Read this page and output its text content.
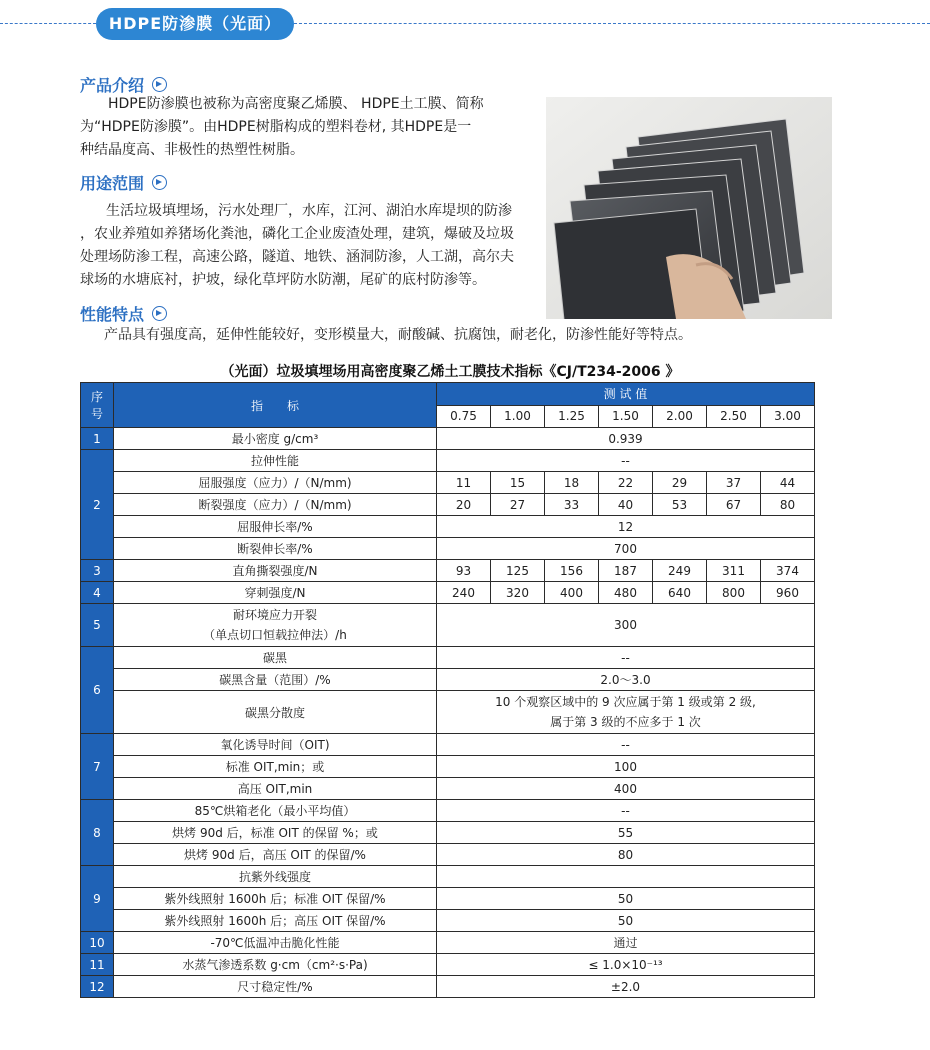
HDPE防渗膜（光面）
产品介绍
HDPE防渗膜也被称为高密度聚乙烯膜、 HDPE土工膜、简称
为“HDPE防渗膜”。由HDPE树脂构成的塑料卷材, 其HDPE是一
种结晶度高、非极性的热塑性树脂。
用途范围
生活垃圾填埋场，污水处理厂，水库，江河、湖泊水库堤坝的防渗
，农业养殖如养猪场化粪池，磷化工企业废渣处理，建筑，爆破及垃圾
处理场防渗工程，高速公路，隧道、地铁、涵洞防渗，人工湖，高尔夫
球场的水塘底衬，护坡，绿化草坪防水防潮，尾矿的底村防渗等。
性能特点
产品具有强度高，延伸性能较好，变形模量大，耐酸碱、抗腐蚀，耐老化，防渗性能好等特点。
（光面）垃圾填埋场用高密度聚乙烯土工膜技术指标《CJ/T234-2006 》
序
号	指　　标	测 试 值						
		0.75	1.00	1.25	1.50	2.00	2.50	3.00
1	最小密度 g/cm³	0.939						
2	拉伸性能	--						
	屈服强度（应力）/（N/mm)	11	15	18	22	29	37	44
	断裂强度（应力）/（N/mm)	20	27	33	40	53	67	80
	屈服伸长率/%	12						
	断裂伸长率/%	700						
3	直角撕裂强度/N	93	125	156	187	249	311	374
4	穿刺强度/N	240	320	400	480	640	800	960
5	耐环境应力开裂
（单点切口恒载拉伸法）/h	300						
6	碳黑	--						
	碳黑含量（范围）/%	2.0～3.0						
	碳黑分散度	10 个观察区域中的 9 次应属于第 1 级或第 2 级,
属于第 3 级的不应多于 1 次						

7	氧化诱导时间（OIT)	--						
	标准 OIT,min；或	100						
	高压 OIT,min	400						
8	85℃烘箱老化（最小平均值）	--						
	烘烤 90d 后，标准 OIT 的保留 %；或	55						
	烘烤 90d 后，高压 OIT 的保留/%	80						
9	抗紫外线强度							
	紫外线照射 1600h 后；标准 OIT 保留/%	50						
	紫外线照射 1600h 后；高压 OIT 保留/%	50						
10	-70℃低温冲击脆化性能	通过						
11	水蒸气渗透系数 g·cm（cm²·s·Pa)	≤ 1.0×10⁻¹³						
12	尺寸稳定性/%	±2.0						
